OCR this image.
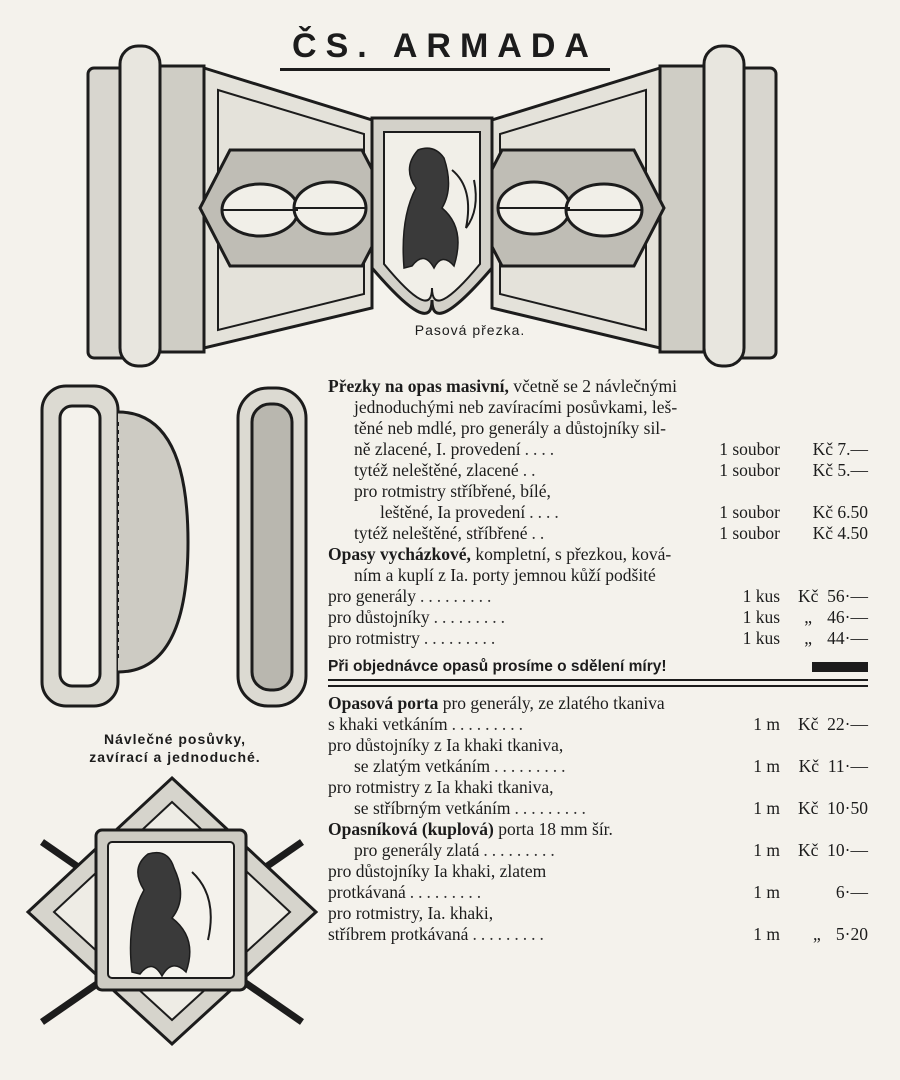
ČS. ARMADA
Pasová přezka.
Návlečné posůvky,
zavírací a jednoduché.
Přezky na opas masivní, včetně se 2 návlečnými
jednoduchými neb zavíracími posůvkami, leš-
těné neb mdlé, pro generály a důstojníky sil-
ně zlacené, I. provedení ....	1 soubor	Kč 7.—
tytéž neleštěné, zlacené ..	1 soubor	Kč 5.—
pro rotmistry stříbřené, bílé,
leštěné, Ia provedení ....	1 soubor	Kč 6.50
tytéž neleštěné, stříbřené ..	1 soubor	Kč 4.50
Opasy vycházkové, kompletní, s přezkou, ková-
ním a kuplí z Ia. porty jemnou kůží podšité
pro generály .........	1 kus	Kč 56·—
pro důstojníky .........	1 kus	„ 46·—
pro rotmistry .........	1 kus	„ 44·—
Při objednávce opasů prosíme o sdělení míry!
Opasová porta pro generály, ze zlatého tkaniva
s khaki vetkáním .........	1 m	Kč 22·—
pro důstojníky z Ia khaki tkaniva,
se zlatým vetkáním .........	1 m	Kč 11·—
pro rotmistry z Ia khaki tkaniva,
se stříbrným vetkáním .........	1 m	Kč 10·50
Opasníková (kuplová) porta 18 mm šír.
pro generály zlatá .........	1 m	Kč 10·—
pro důstojníky Ia khaki, zlatem
protkávaná .........	1 m	6·—
pro rotmistry, Ia. khaki,
stříbrem protkávaná .........	1 m	„ 5·20
